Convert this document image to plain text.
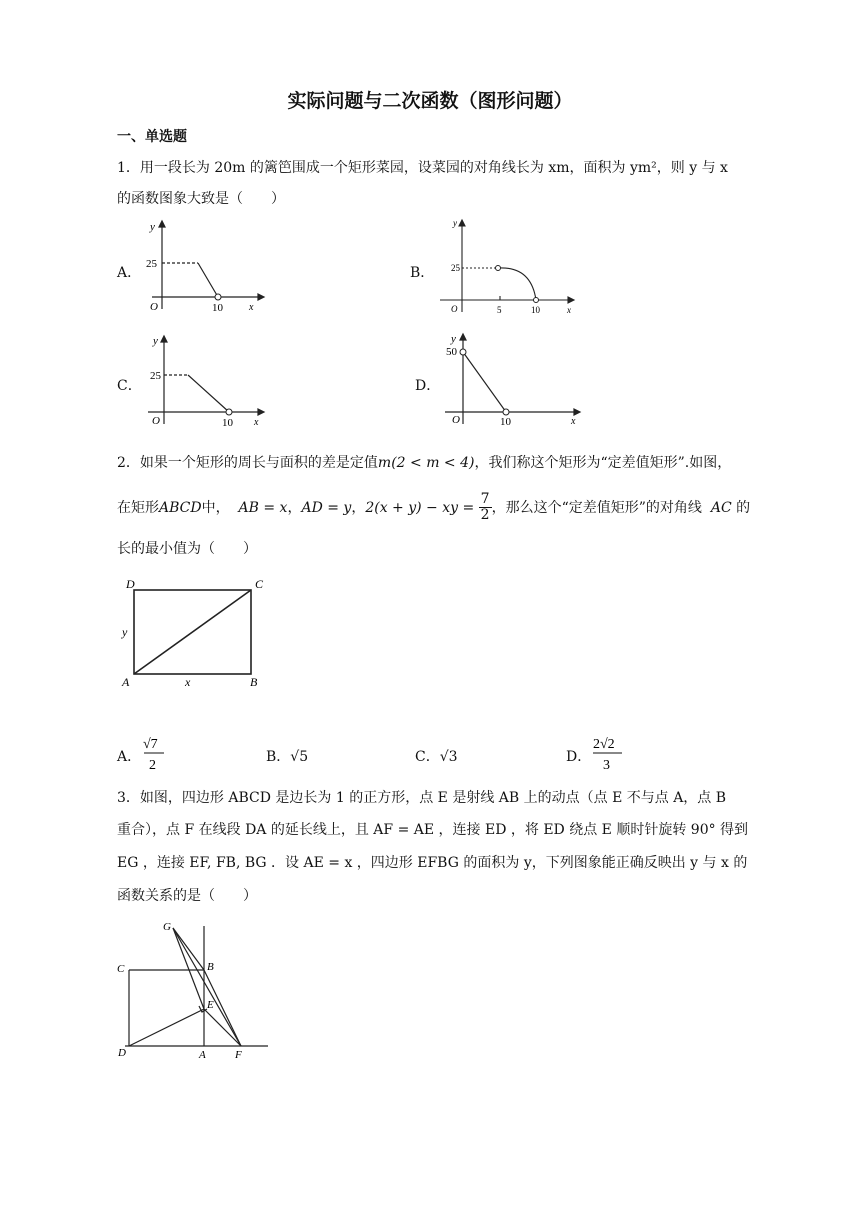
实际问题与二次函数（图形问题）
一、单选题
1．用一段长为 20m 的篱笆围成一个矩形菜园，设菜园的对角线长为 xm，面积为 ym²，则 y 与 x
的函数图象大致是（　　）
A．
y
25
O	10	x
B．
y
25
O	5	10	x
C．
y
25
O	10 x
D．
y
50
O	10	x
2．如果一个矩形的周长与面积的差是定值m(2 < m < 4)，我们称这个矩形为“定差值矩形”.如图，
在矩形ABCD中， AB = x，AD = y，2(x + y) − xy = $\frac{7}{2}$ ，那么这个“定差值矩形”的对角线 AC 的
长的最小值为（　　）
D	C
A	B
x
y
A．
√7
2
B．√5	C．√3	D．
2√2
3
3．如图，四边形 ABCD 是边长为 1 的正方形，点 E 是射线 AB 上的动点（点 E 不与点 A，点 B
重合），点 F 在线段 DA 的延长线上，且 AF = AE ，连接 ED ，将 ED 绕点 E 顺时针旋转 90° 得到
EG ，连接 EF, FB, BG ．设 AE = x ，四边形 EFBG 的面积为 y，下列图象能正确反映出 y 与 x 的
函数关系的是（　　）
G
C	B
E
D	A	F
